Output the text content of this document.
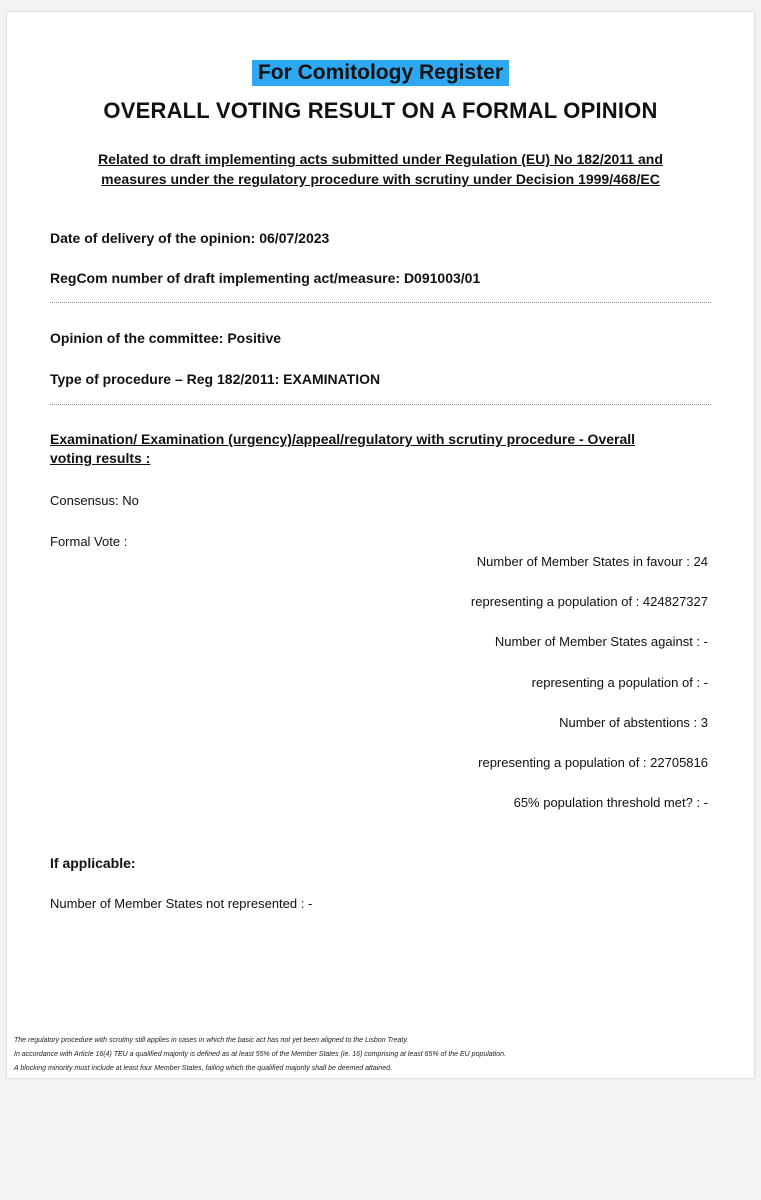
For Comitology Register
OVERALL VOTING RESULT ON A FORMAL OPINION
Related to draft implementing acts submitted under Regulation (EU) No 182/2011 and
measures under the regulatory procedure with scrutiny under Decision 1999/468/EC
Date of delivery of the opinion: 06/07/2023
RegCom number of draft implementing act/measure: D091003/01
Opinion of the committee: Positive
Type of procedure – Reg 182/2011: EXAMINATION
Examination/ Examination (urgency)/appeal/regulatory with scrutiny procedure - Overall
voting results :
Consensus: No
Formal Vote :
Number of Member States in favour : 24
representing a population of : 424827327
Number of Member States against : -
representing a population of : -
Number of abstentions : 3
representing a population of : 22705816
65% population threshold met? : -
If applicable:
Number of Member States not represented : -
The regulatory procedure with scrutiny still applies in cases in which the basic act has not yet been aligned to the Lisbon Treaty.
In accordance with Article 16(4) TEU a qualified majority is defined as at least 55% of the Member States (ie. 16) comprising at least 65% of the EU population.
A blocking minority must include at least four Member States, failing which the qualified majority shall be deemed attained.
